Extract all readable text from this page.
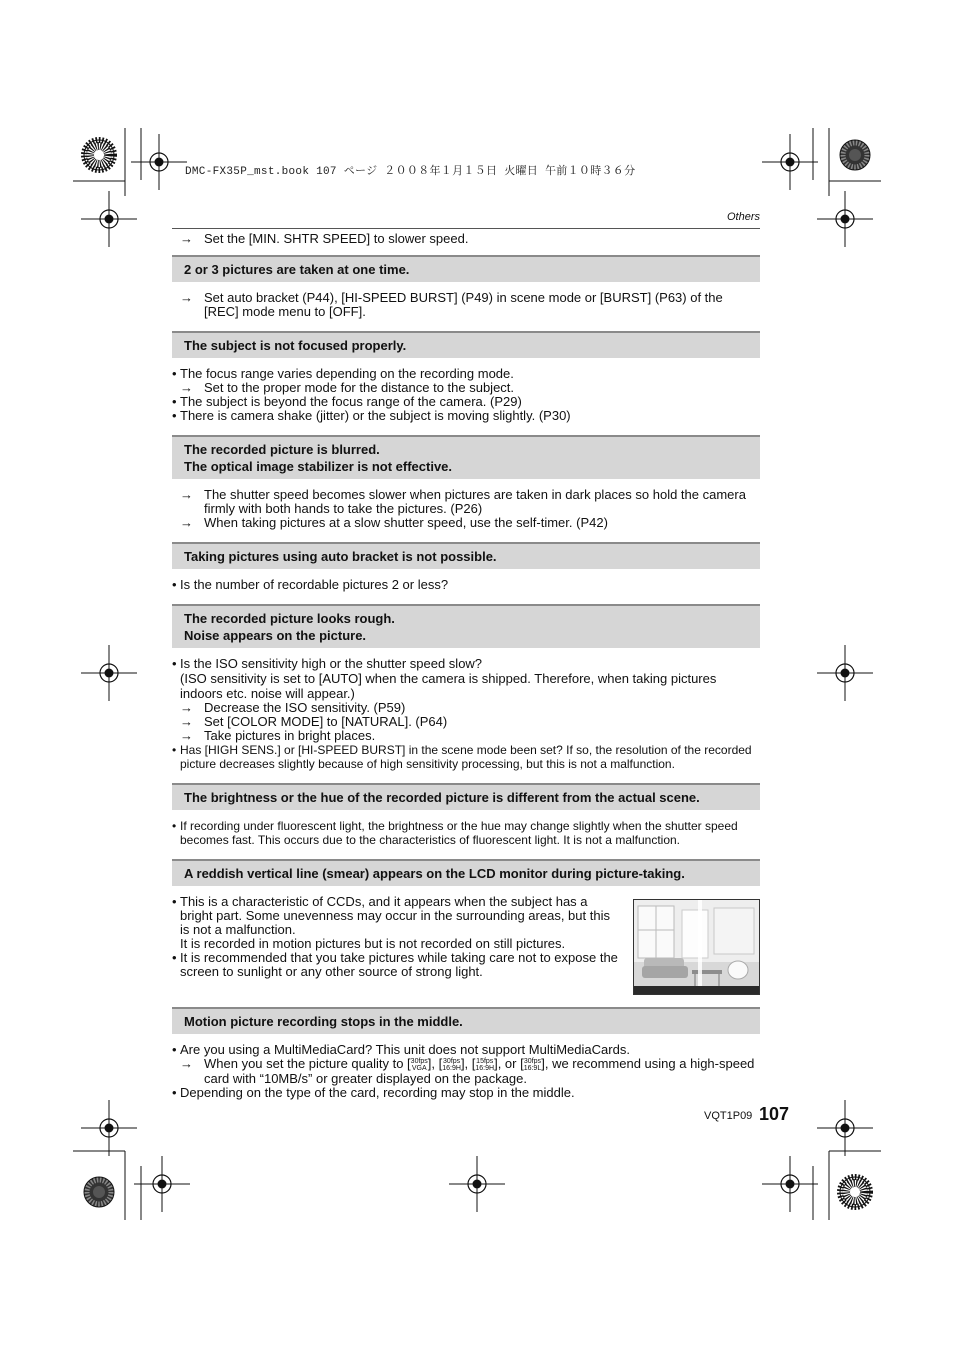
DMC-FX35P_mst.book 107 ページ ２００８年１月１５日 火曜日 午前１０時３６分
Others
→ Set the [MIN. SHTR SPEED] to slower speed.
2 or 3 pictures are taken at one time.
→ Set auto bracket (P44), [HI-SPEED BURST] (P49) in scene mode or [BURST] (P63) of the [REC] mode menu to [OFF].
The subject is not focused properly.
• The focus range varies depending on the recording mode.
→ Set to the proper mode for the distance to the subject.
• The subject is beyond the focus range of the camera. (P29)
• There is camera shake (jitter) or the subject is moving slightly. (P30)
The recorded picture is blurred.
The optical image stabilizer is not effective.
→ The shutter speed becomes slower when pictures are taken in dark places so hold the camera firmly with both hands to take the pictures. (P26)
→ When taking pictures at a slow shutter speed, use the self-timer. (P42)
Taking pictures using auto bracket is not possible.
• Is the number of recordable pictures 2 or less?
The recorded picture looks rough.
Noise appears on the picture.
• Is the ISO sensitivity high or the shutter speed slow?
(ISO sensitivity is set to [AUTO] when the camera is shipped. Therefore, when taking pictures indoors etc. noise will appear.)
→ Decrease the ISO sensitivity. (P59)
→ Set [COLOR MODE] to [NATURAL]. (P64)
→ Take pictures in bright places.
• Has [HIGH SENS.] or [HI-SPEED BURST] in the scene mode been set? If so, the resolution of the recorded picture decreases slightly because of high sensitivity processing, but this is not a malfunction.
The brightness or the hue of the recorded picture is different from the actual scene.
• If recording under fluorescent light, the brightness or the hue may change slightly when the shutter speed becomes fast. This occurs due to the characteristics of fluorescent light. It is not a malfunction.
A reddish vertical line (smear) appears on the LCD monitor during picture-taking.
• This is a characteristic of CCDs, and it appears when the subject has a bright part. Some unevenness may occur in the surrounding areas, but this is not a malfunction.
It is recorded in motion pictures but is not recorded on still pictures.
• It is recommended that you take pictures while taking care not to expose the screen to sunlight or any other source of strong light.
Motion picture recording stops in the middle.
• Are you using a MultiMediaCard? This unit does not support MultiMediaCards.
→ When you set the picture quality to [ 30fps
VGA ], [ 30fps
16:9H ], [ 15fps
16:9H ], or [ 30fps
16:9L ], we recommend using a high-speed card with “10MB/s” or greater displayed on the package.
• Depending on the type of the card, recording may stop in the middle.
VQT1P09 107
